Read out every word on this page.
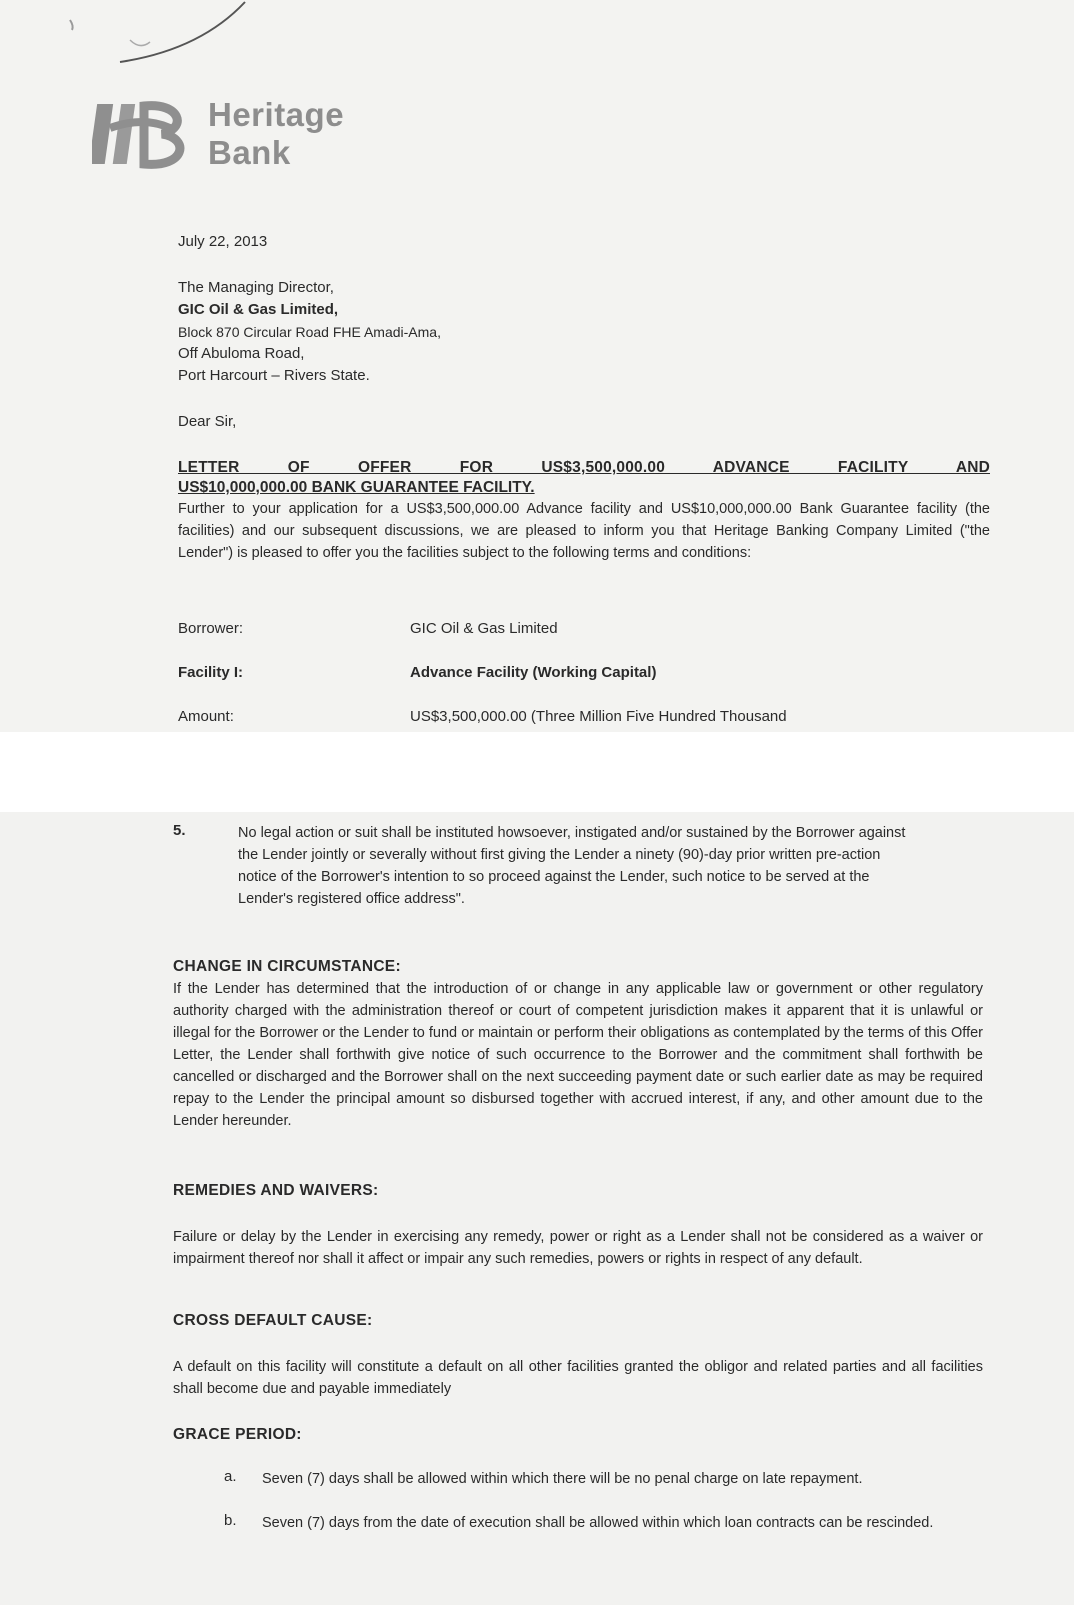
Heritage
Bank
July 22, 2013
The Managing Director,
GIC Oil & Gas Limited,
Block 870 Circular Road FHE Amadi-Ama,
Off Abuloma Road,
Port Harcourt – Rivers State.
Dear Sir,
LETTER OF OFFER FOR US$3,500,000.00 ADVANCE FACILITY AND
US$10,000,000.00 BANK GUARANTEE FACILITY.
Further to your application for a US$3,500,000.00 Advance facility and US$10,000,000.00 Bank Guarantee facility (the facilities) and our subsequent discussions, we are pleased to inform you that Heritage Banking Company Limited ("the Lender") is pleased to offer you the facilities subject to the following terms and conditions:
Borrower:	GIC Oil & Gas Limited
Facility I:	Advance Facility (Working Capital)
Amount:	US$3,500,000.00 (Three Million Five Hundred Thousand
5.	No legal action or suit shall be instituted howsoever, instigated and/or sustained by the Borrower against the Lender jointly or severally without first giving the Lender a ninety (90)-day prior written pre-action notice of the Borrower's intention to so proceed against the Lender, such notice to be served at the Lender's registered office address".
CHANGE IN CIRCUMSTANCE:
If the Lender has determined that the introduction of or change in any applicable law or government or other regulatory authority charged with the administration thereof or court of competent jurisdiction makes it apparent that it is unlawful or illegal for the Borrower or the Lender to fund or maintain or perform their obligations as contemplated by the terms of this Offer Letter, the Lender shall forthwith give notice of such occurrence to the Borrower and the commitment shall forthwith be cancelled or discharged and the Borrower shall on the next succeeding payment date or such earlier date as may be required repay to the Lender the principal amount so disbursed together with accrued interest, if any, and other amount due to the Lender hereunder.
REMEDIES AND WAIVERS:
Failure or delay by the Lender in exercising any remedy, power or right as a Lender shall not be considered as a waiver or impairment thereof nor shall it affect or impair any such remedies, powers or rights in respect of any default.
CROSS DEFAULT CAUSE:
A default on this facility will constitute a default on all other facilities granted the obligor and related parties and all facilities shall become due and payable immediately
GRACE PERIOD:
a. Seven (7) days shall be allowed within which there will be no penal charge on late repayment.
b. Seven (7) days from the date of execution shall be allowed within which loan contracts can be rescinded.
